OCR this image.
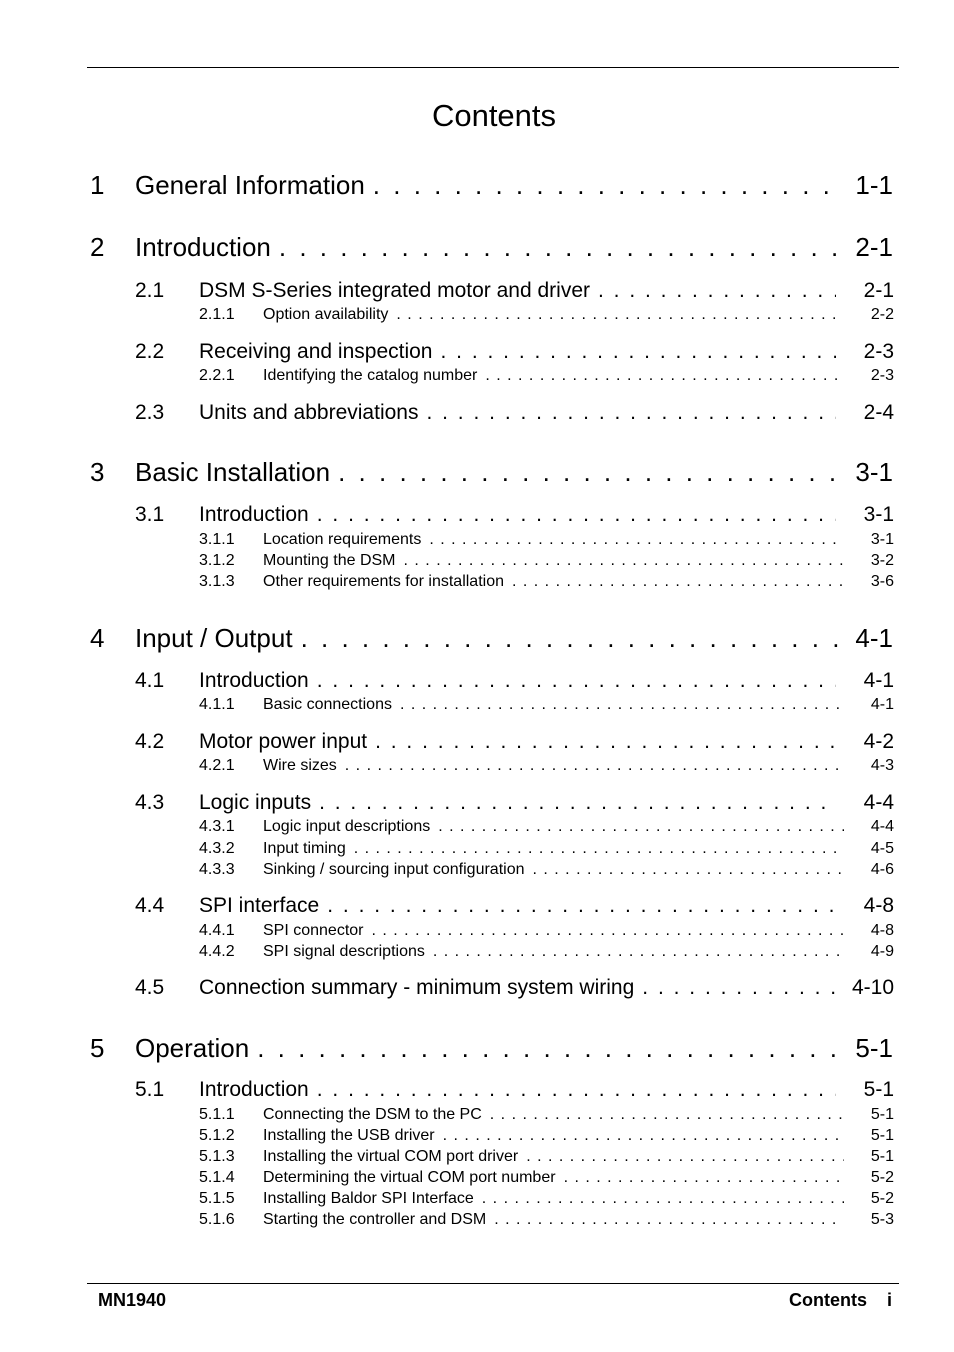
Contents
1	General Information . . .	1-1
2	Introduction . . .	2-1
2.1	DSM S-Series integrated motor and driver . . .	2-1
2.1.1	Option availability . . .	2-2
2.2	Receiving and inspection . . .	2-3
2.2.1	Identifying the catalog number . . .	2-3
2.3	Units and abbreviations . . .	2-4
3	Basic Installation . . .	3-1
3.1	Introduction . . .	3-1
3.1.1	Location requirements . . .	3-1
3.1.2	Mounting the DSM . . .	3-2
3.1.3	Other requirements for installation . . .	3-6
4	Input / Output . . .	4-1
4.1	Introduction . . .	4-1
4.1.1	Basic connections . . .	4-1
4.2	Motor power input . . .	4-2
4.2.1	Wire sizes . . .	4-3
4.3	Logic inputs . . .	4-4
4.3.1	Logic input descriptions . . .	4-4
4.3.2	Input timing . . .	4-5
4.3.3	Sinking / sourcing input configuration . . .	4-6
4.4	SPI interface . . .	4-8
4.4.1	SPI connector . . .	4-8
4.4.2	SPI signal descriptions . . .	4-9
4.5	Connection summary - minimum system wiring . . .	4-10
5	Operation . . .	5-1
5.1	Introduction . . .	5-1
5.1.1	Connecting the DSM to the PC . . .	5-1
5.1.2	Installing the USB driver . . .	5-1
5.1.3	Installing the virtual COM port driver . . .	5-1
5.1.4	Determining the virtual COM port number . . .	5-2
5.1.5	Installing Baldor SPI Interface . . .	5-2
5.1.6	Starting the controller and DSM . . .	5-3
MN1940	Contents i
